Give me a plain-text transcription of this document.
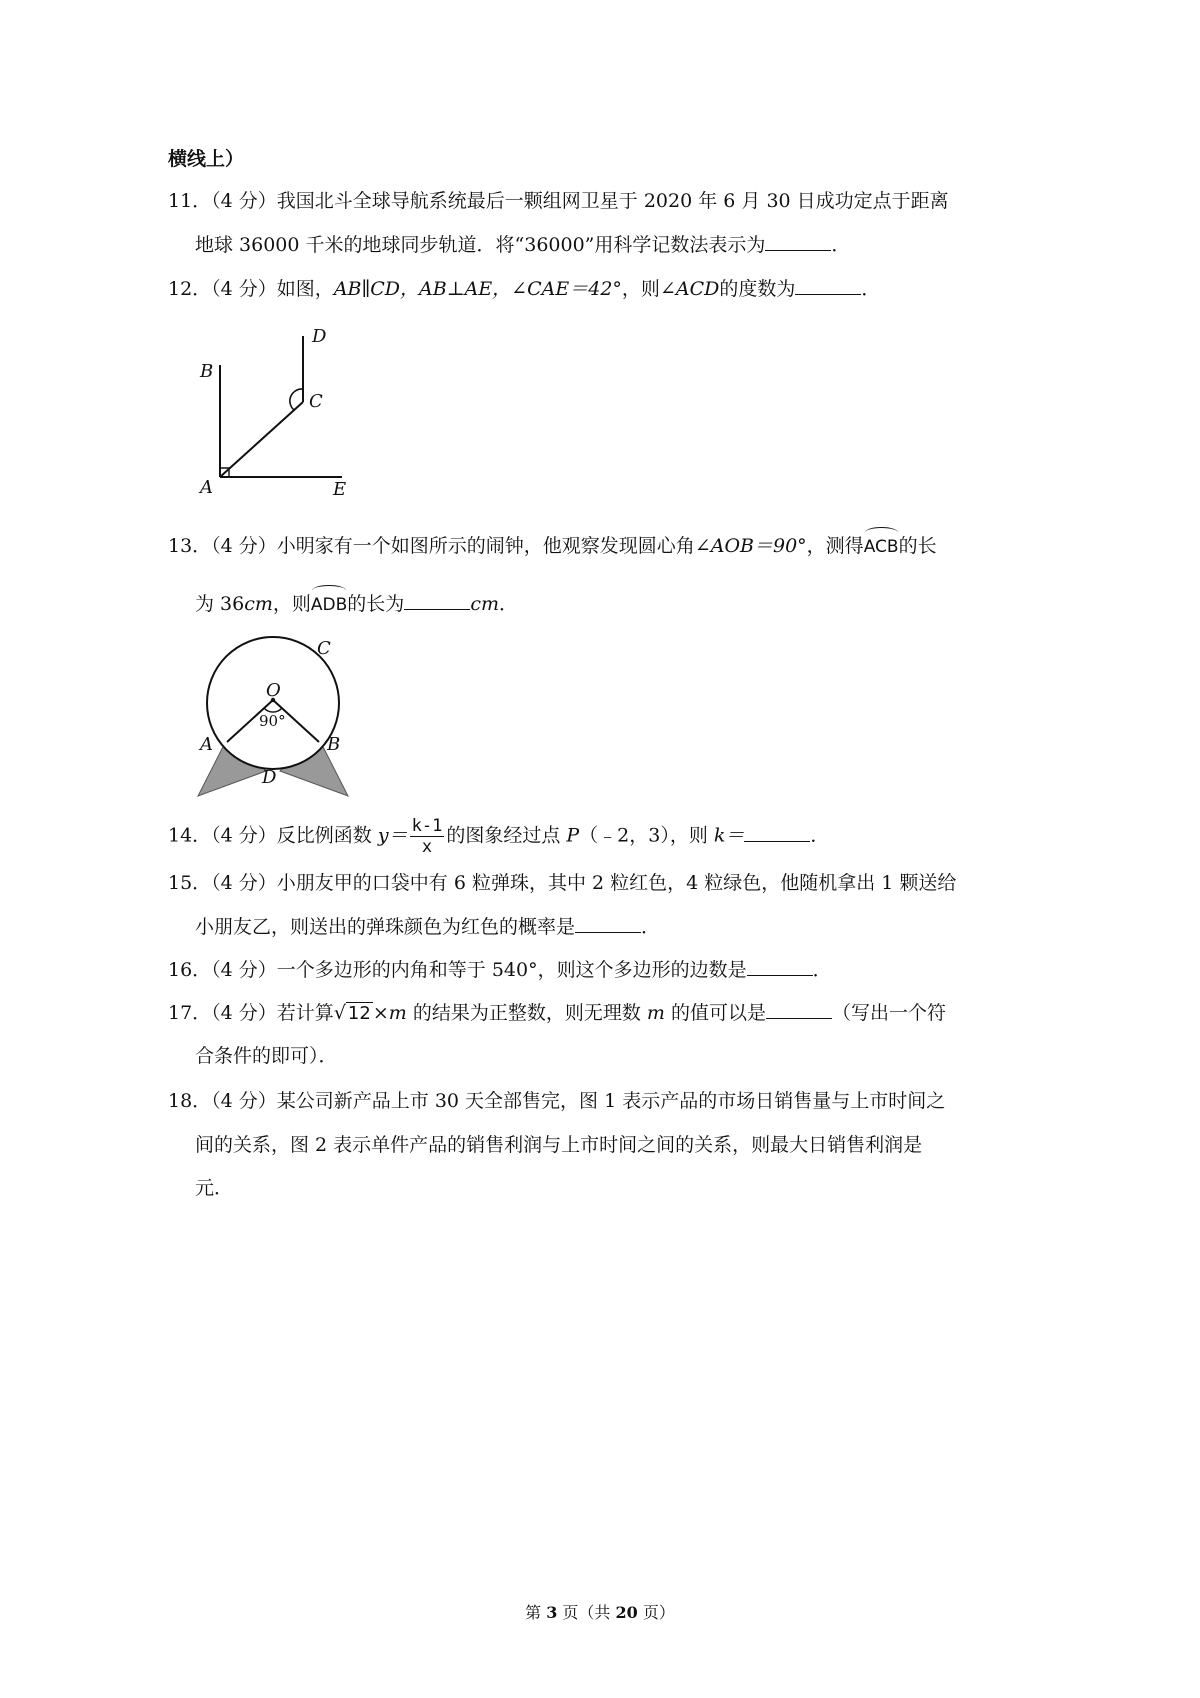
横线上）
11．（4 分）我国北斗全球导航系统最后一颗组网卫星于 2020 年 6 月 30 日成功定点于距离
地球 36000 千米的地球同步轨道．将“36000”用科学记数法表示为	．
12．（4 分）如图，AB∥CD，AB⊥AE，∠CAE＝42°，则∠ACD的度数为	．
B
D
C
A	E
13．（4 分）小明家有一个如图所示的闹钟，他观察发现圆心角∠AOB＝90°，测得ACB的长
为 36cm，则ADB的长为	cm．
C
O
90°
A	B
D
14．（4 分）反比例函数 $y= \frac{k-1}{x}$ 的图象经过点 P（﹣2，3），则 k＝	．
15．（4 分）小朋友甲的口袋中有 6 粒弹珠，其中 2 粒红色，4 粒绿色，他随机拿出 1 颗送给
小朋友乙，则送出的弹珠颜色为红色的概率是	．
16．（4 分）一个多边形的内角和等于 540°，则这个多边形的边数是	．
17．（4 分）若计算√ 12 ×m 的结果为正整数，则无理数 m 的值可以是	（写出一个符
合条件的即可）．
18．（4 分）某公司新产品上市 30 天全部售完，图 1 表示产品的市场日销售量与上市时间之
间的关系，图 2 表示单件产品的销售利润与上市时间之间的关系，则最大日销售利润是
元．
第 3 页（共 20 页）
